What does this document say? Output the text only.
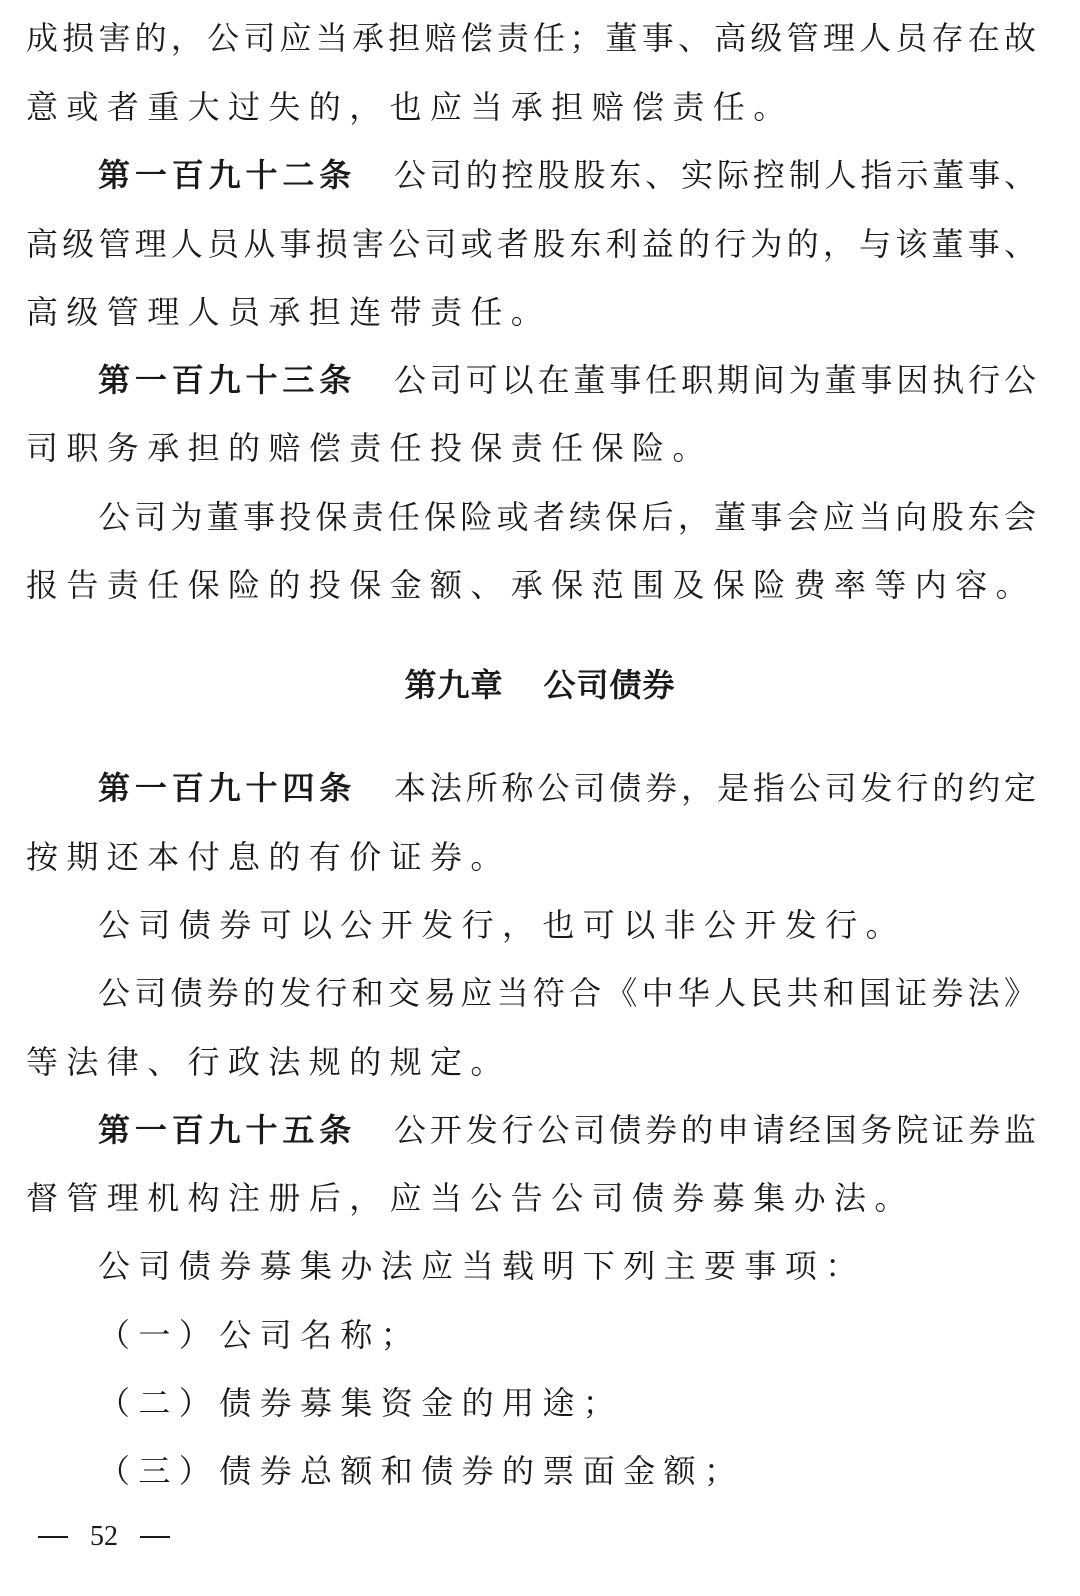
成损害的，公司应当承担赔偿责任；董事、高级管理人员存在故
意或者重大过失的，也应当承担赔偿责任。
第一百九十二条 公司的控股股东、实际控制人指示董事、
高级管理人员从事损害公司或者股东利益的行为的，与该董事、
高级管理人员承担连带责任。
第一百九十三条 公司可以在董事任职期间为董事因执行公
司职务承担的赔偿责任投保责任保险。
公司为董事投保责任保险或者续保后，董事会应当向股东会
报告责任保险的投保金额、承保范围及保险费率等内容。
第九章 公司债券
第一百九十四条 本法所称公司债券，是指公司发行的约定
按期还本付息的有价证券。
公司债券可以公开发行，也可以非公开发行。
公司债券的发行和交易应当符合《中华人民共和国证券法》
等法律、行政法规的规定。
第一百九十五条 公开发行公司债券的申请经国务院证券监
督管理机构注册后，应当公告公司债券募集办法。
公司债券募集办法应当载明下列主要事项：
（一）公司名称；
（二）债券募集资金的用途；
（三）债券总额和债券的票面金额；
52
